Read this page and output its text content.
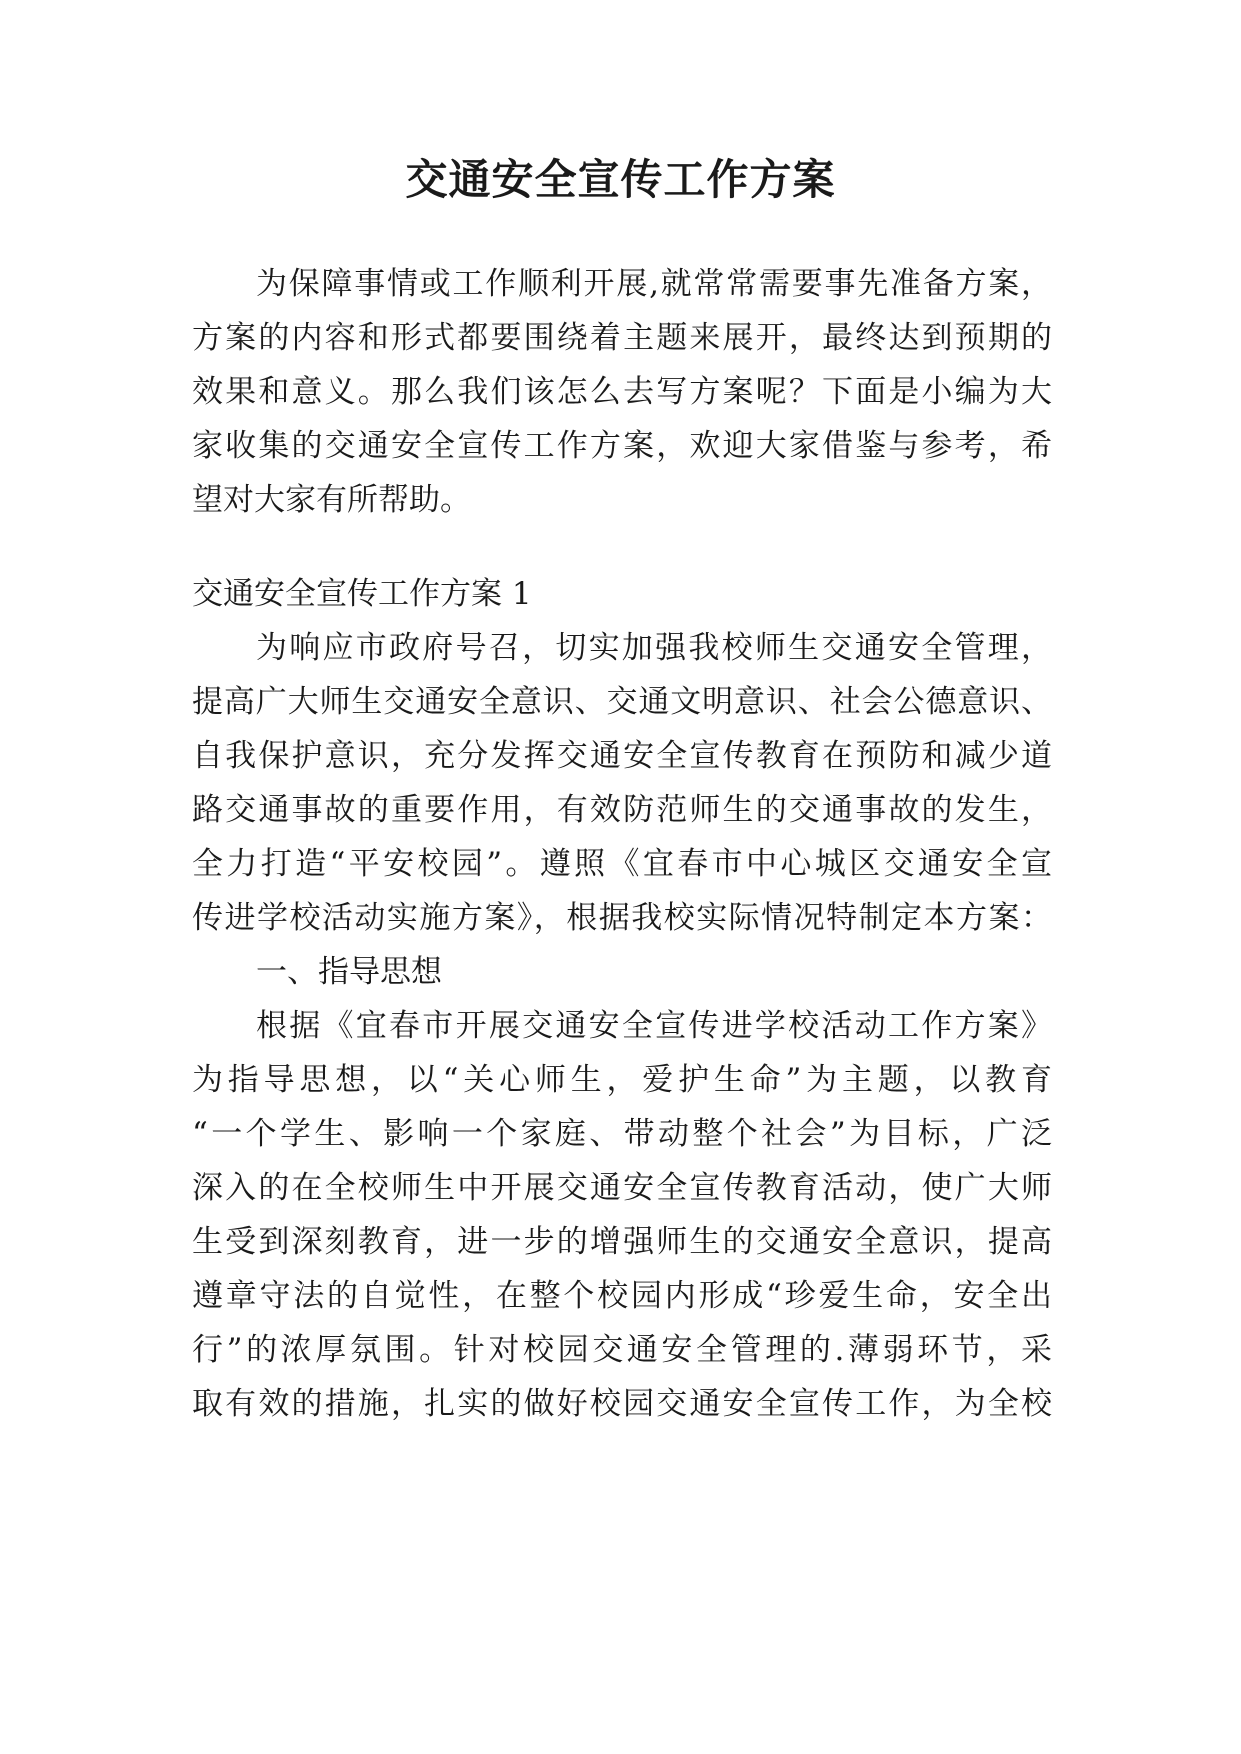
交通安全宣传工作方案

为保障事情或工作顺利开展,就常常需要事先准备方案，

方案的内容和形式都要围绕着主题来展开，最终达到预期的

效果和意义。那么我们该怎么去写方案呢？下面是小编为大

家收集的交通安全宣传工作方案，欢迎大家借鉴与参考，希

望对大家有所帮助。

交通安全宣传工作方案 1

为响应市政府号召，切实加强我校师生交通安全管理，

提高广大师生交通安全意识、交通文明意识、社会公德意识、

自我保护意识，充分发挥交通安全宣传教育在预防和减少道

路交通事故的重要作用，有效防范师生的交通事故的发生，

全力打造“平安校园”。遵照《宜春市中心城区交通安全宣

传进学校活动实施方案》，根据我校实际情况特制定本方案：

一、指导思想

根据《宜春市开展交通安全宣传进学校活动工作方案》

为指导思想，以“关心师生，爱护生命”为主题，以教育

“一个学生、影响一个家庭、带动整个社会”为目标，广泛

深入的在全校师生中开展交通安全宣传教育活动，使广大师

生受到深刻教育，进一步的增强师生的交通安全意识，提高

遵章守法的自觉性，在整个校园内形成“珍爱生命，安全出

行”的浓厚氛围。针对校园交通安全管理的.薄弱环节，采

取有效的措施，扎实的做好校园交通安全宣传工作，为全校
